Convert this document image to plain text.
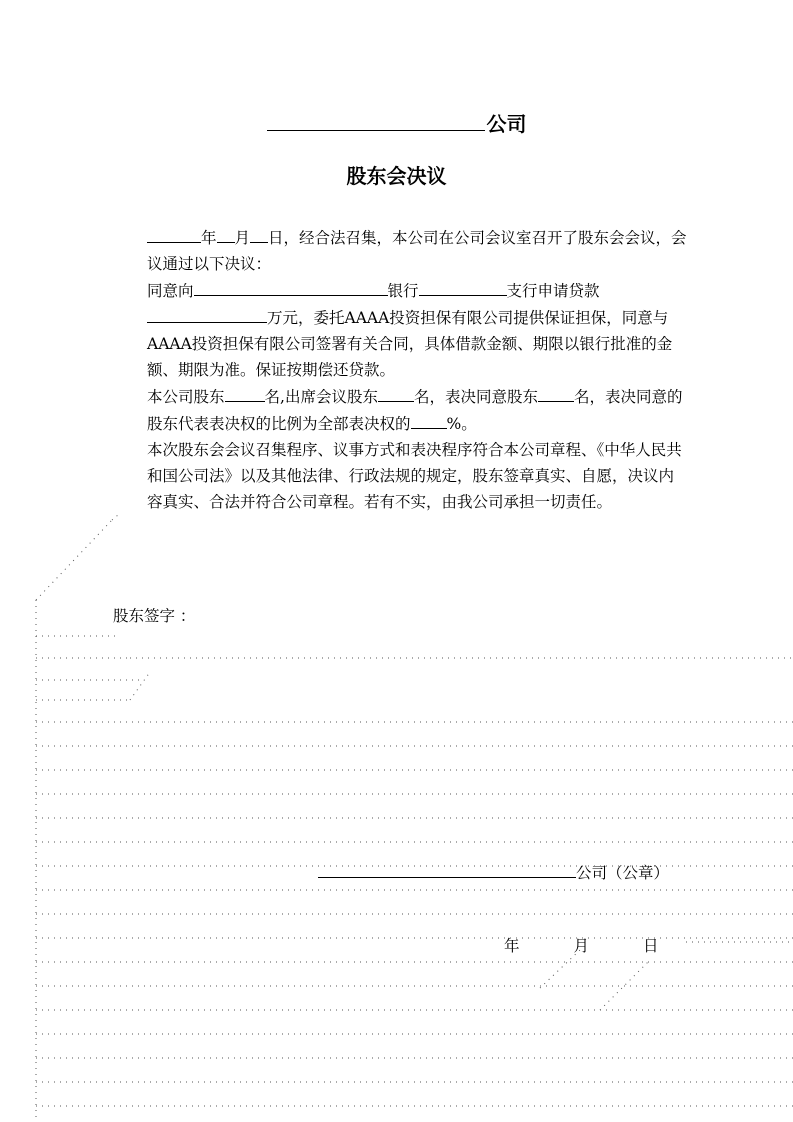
公司
股东会决议

年 月 日，经合法召集，本公司在公司会议室召开了股东会会议，会议通过以下决议：

同意向	银行	支行申请贷款万元，委托AAAA投资担保有限公司提供保证担保，同意与AAAA投资担保有限公司签署有关合同，具体借款金额、期限以银行批准的金额、期限为准。保证按期偿还贷款。

本公司股东	名,出席会议股东 名，表决同意股东 名，表决同意的股东代表表决权的比例为全部表决权的 %。

本次股东会会议召集程序、议事方式和表决程序符合本公司章程、《中华人民共和国公司法》以及其他法律、行政法规的规定，股东签章真实、自愿，决议内容真实、合法并符合公司章程。若有不实，由我公司承担一切责任。

股东签字 ：
公司（公章）
年	月	日
